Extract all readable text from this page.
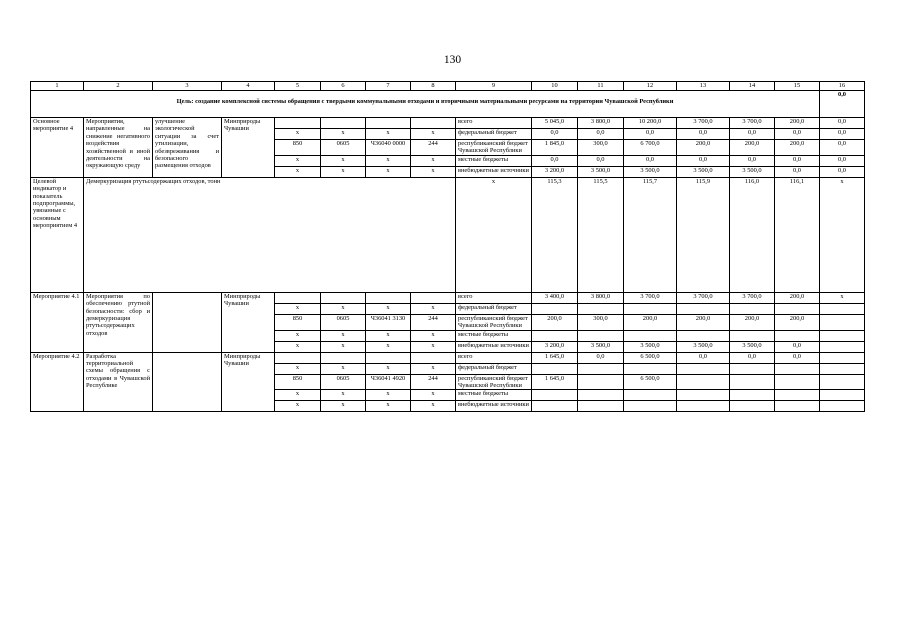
130
1	2	3	4	5	6	7	8	9	10	11	12	13	14	15	16

Цель: создание комплексной системы обращения с твердыми коммунальными отходами и вторичными материальными ресурсами на территории Чувашской Республики															0,0

Основное мероприятие 4	Мероприятия, направленные на снижение негативного воздействия хозяйственной и иной деятельности на окружающую среду	улучшение экологической ситуации за счет утилизации, обезвреживания и безопасного размещения отходов	Минприроды Чувашии					всего	5 045,0	3 800,0	10 200,0	3 700,0	3 700,0	200,0	0,0
				x	x	x	x	федеральный бюджет	0,0	0,0	0,0	0,0	0,0	0,0	0,0
				850	0605	Ч36040 0000	244	республиканский бюджет Чувашской Республики	1 845,0	300,0	6 700,0	200,0	200,0	200,0	0,0
				x	x	x	x	местные бюджеты	0,0	0,0	0,0	0,0	0,0	0,0	0,0
				x	x	x	x	внебюджетные источники	3 200,0	3 500,0	3 500,0	3 500,0	3 500,0	0,0	0,0
Целевой индикатор и показатель подпрограммы, увязанные с основным мероприятием 4	Демеркуризация ртутьсодержащих отходов, тонн							х	115,3	115,5	115,7	115,9	116,0	116,1	х
Мероприятие 4.1	Мероприятия по обеспечению ртутной безопасности: сбор и демеркуризация ртутьсодержащих отходов		Минприроды Чувашии					всего	3 400,0	3 800,0	3 700,0	3 700,0	3 700,0	200,0	х
				x	x	x	x	федеральный бюджет							
				850	0605	Ч36041 3130	244	республиканский бюджет Чувашской Республики	200,0	300,0	200,0	200,0	200,0	200,0	
				x	x	x	x	местные бюджеты							
				x	x	x	x	внебюджетные источники	3 200,0	3 500,0	3 500,0	3 500,0	3 500,0	0,0	
Мероприятие 4.2	Разработка территориальной схемы обращения с отходами в Чувашской Республике		Минприроды Чувашии					всего	1 645,0	0,0	6 500,0	0,0	0,0	0,0	
				x	x	x	x	федеральный бюджет							
				850	0605	Ч36041 4920	244	республиканский бюджет Чувашской Республики	1 645,0		6 500,0				
				x	x	x	x	местные бюджеты							
				x	x	x	x	внебюджетные источники							
